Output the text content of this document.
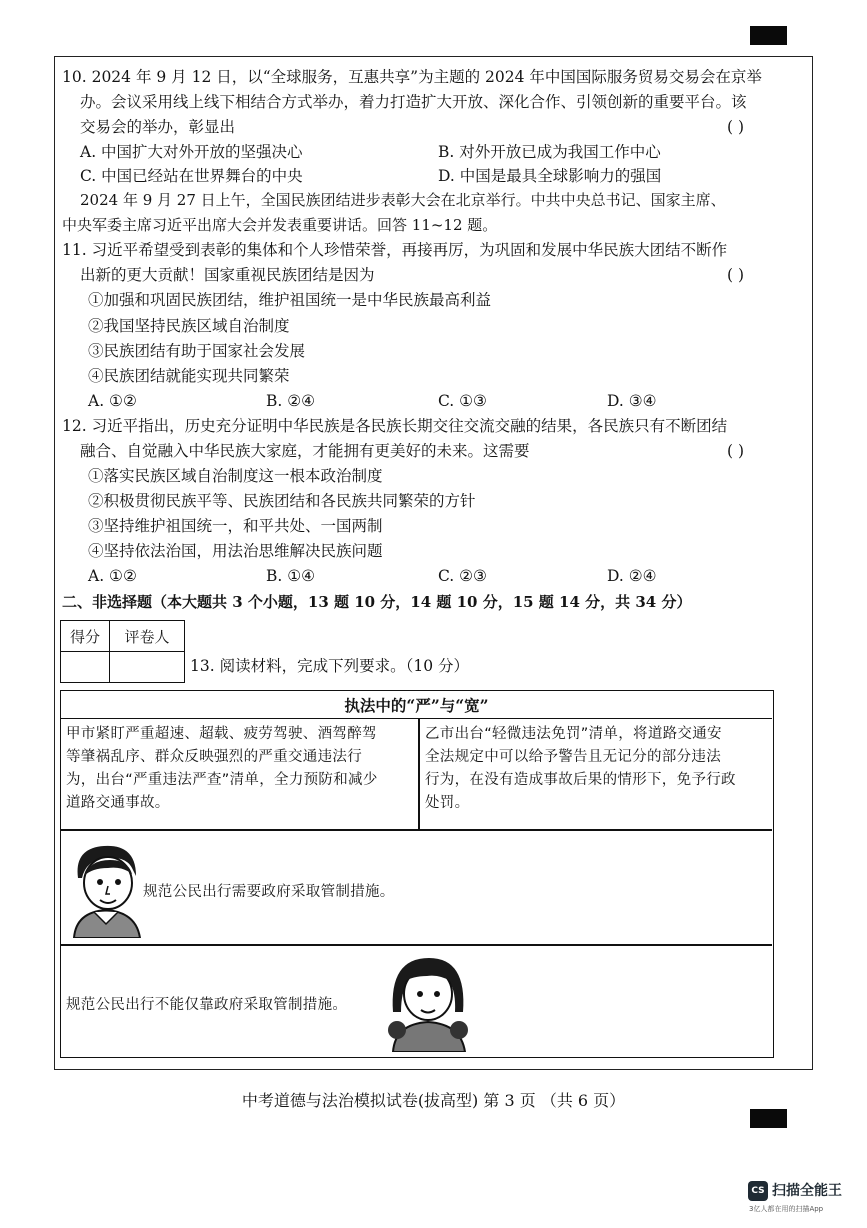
10. 2024 年 9 月 12 日，以“全球服务，互惠共享”为主题的 2024 年中国国际服务贸易交易会在京举
办。会议采用线上线下相结合方式举办，着力打造扩大开放、深化合作、引领创新的重要平台。该
交易会的举办，彰显出	( )
A. 中国扩大对外开放的坚强决心	B. 对外开放已成为我国工作中心
C. 中国已经站在世界舞台的中央	D. 中国是最具全球影响力的强国
2024 年 9 月 27 日上午，全国民族团结进步表彰大会在北京举行。中共中央总书记、国家主席、
中央军委主席习近平出席大会并发表重要讲话。回答 11~12 题。
11. 习近平希望受到表彰的集体和个人珍惜荣誉，再接再厉，为巩固和发展中华民族大团结不断作
出新的更大贡献！国家重视民族团结是因为	( )
①加强和巩固民族团结，维护祖国统一是中华民族最高利益
②我国坚持民族区域自治制度
③民族团结有助于国家社会发展
④民族团结就能实现共同繁荣
A. ①②	B. ②④	C. ①③	D. ③④
12. 习近平指出，历史充分证明中华民族是各民族长期交往交流交融的结果，各民族只有不断团结
融合、自觉融入中华民族大家庭，才能拥有更美好的未来。这需要	( )
①落实民族区域自治制度这一根本政治制度
②积极贯彻民族平等、民族团结和各民族共同繁荣的方针
③坚持维护祖国统一，和平共处、一国两制
④坚持依法治国，用法治思维解决民族问题
A. ①②	B. ①④	C. ②③	D. ②④
二、非选择题（本大题共 3 个小题，13 题 10 分，14 题 10 分，15 题 14 分，共 34 分）
得分	评卷人

13. 阅读材料，完成下列要求。（10 分）
执法中的“严”与“宽”
甲市紧盯严重超速、超载、疲劳驾驶、酒驾醉驾
等肇祸乱序、群众反映强烈的严重交通违法行
为，出台“严重违法严查”清单，全力预防和减少
道路交通事故。
乙市出台“轻微违法免罚”清单，将道路交通安
全法规定中可以给予警告且无记分的部分违法
行为，在没有造成事故后果的情形下，免予行政
处罚。
规范公民出行需要政府采取管制措施。
规范公民出行不能仅靠政府采取管制措施。
中考道德与法治模拟试卷(拔高型) 第 3 页 （共 6 页）
CS 扫描全能王
3亿人都在用的扫描App
